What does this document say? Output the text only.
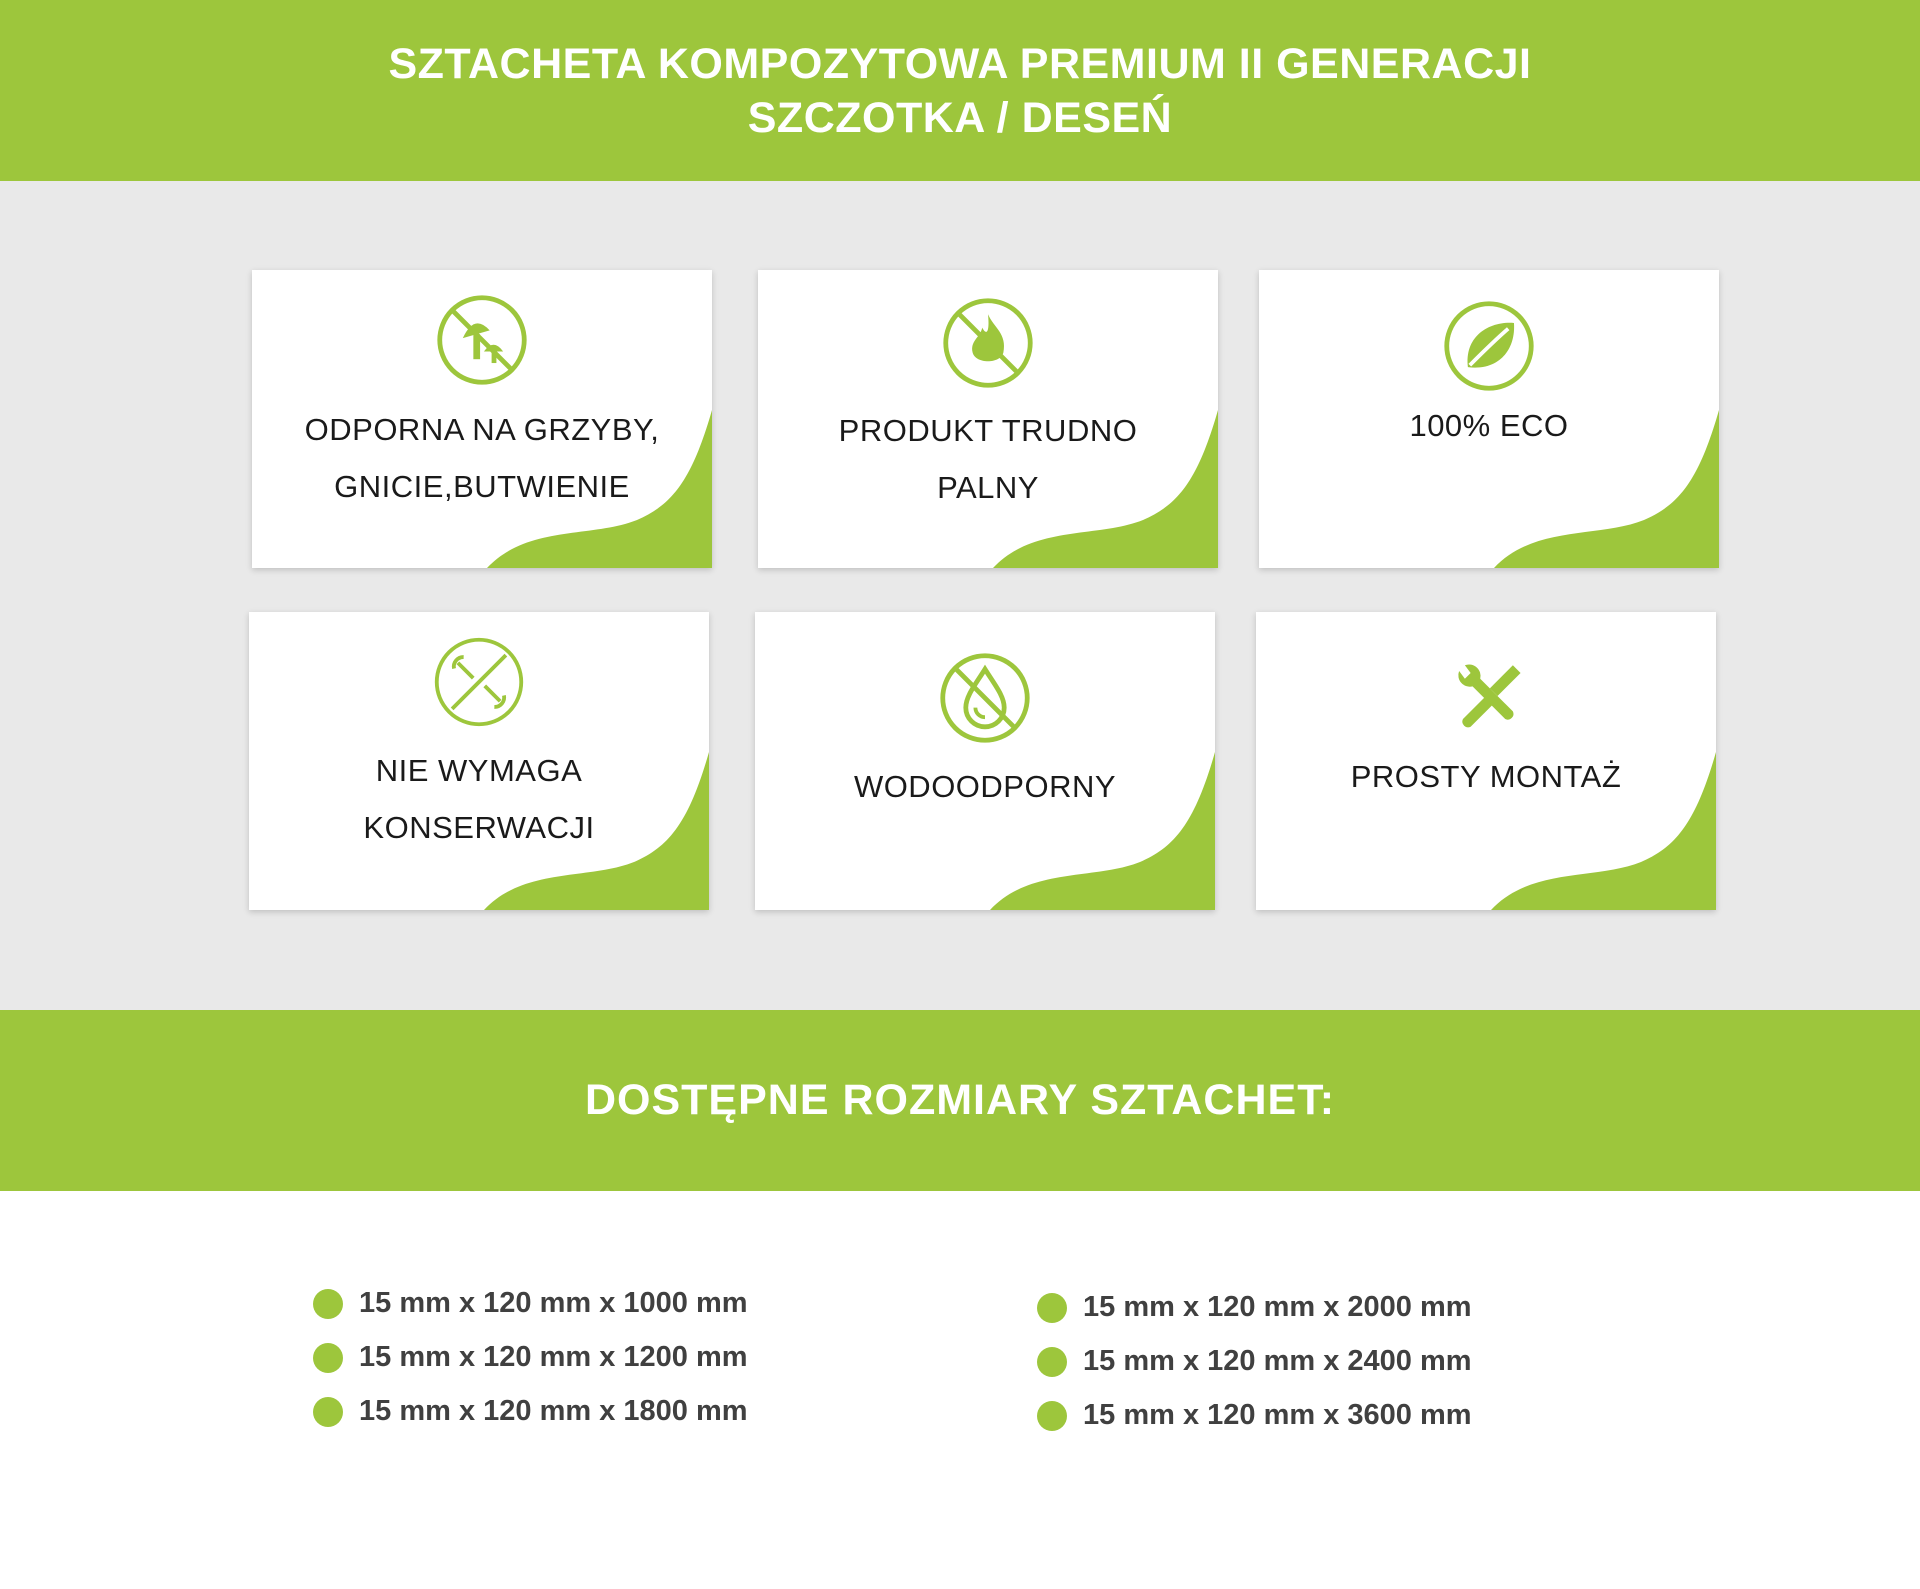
SZTACHETA KOMPOZYTOWA PREMIUM II GENERACJI
SZCZOTKA / DESEŃ
ODPORNA NA GRZYBY,
GNICIE,BUTWIENIE
PRODUKT TRUDNO
PALNY
100% ECO
NIE WYMAGA
KONSERWACJI
WODOODPORNY	PROSTY MONTAŻ
DOSTĘPNE ROZMIARY SZTACHET:
15 mm x 120 mm x 1000 mm
15 mm x 120 mm x 1200 mm
15 mm x 120 mm x 1800 mm
15 mm x 120 mm x 2000 mm
15 mm x 120 mm x 2400 mm
15 mm x 120 mm x 3600 mm
